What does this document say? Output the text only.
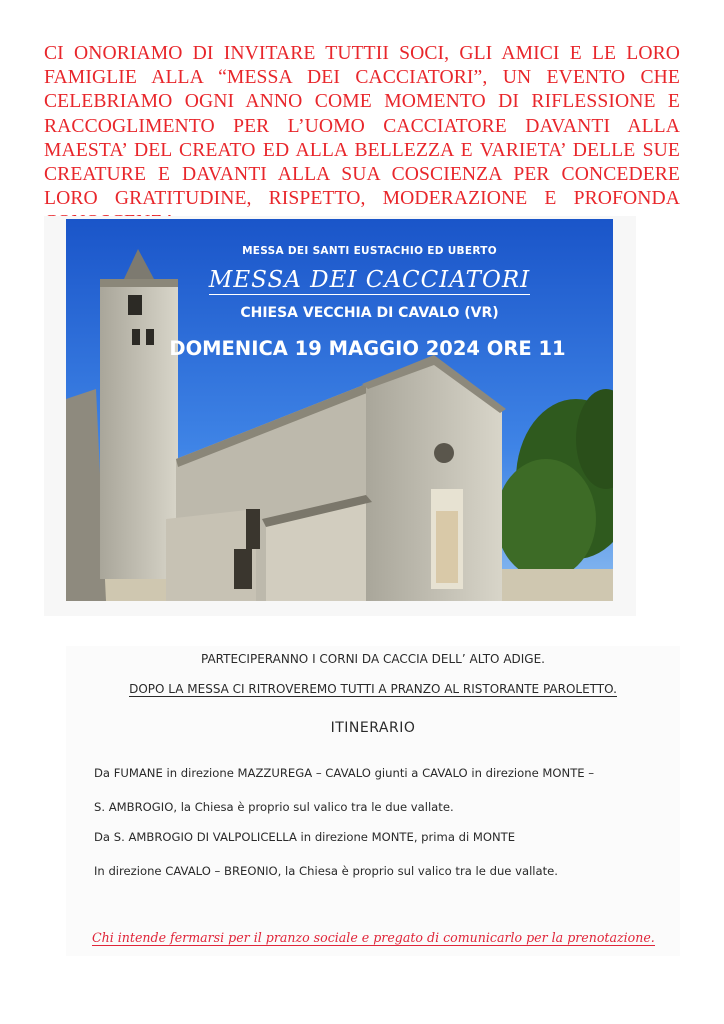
CI ONORIAMO DI INVITARE TUTTII SOCI, GLI AMICI E LE LORO FAMIGLIE ALLA “MESSA DEI CACCIATORI”, UN EVENTO CHE CELEBRIAMO OGNI ANNO COME MOMENTO DI RIFLESSIONE E RACCOGLIMENTO PER L’UOMO CACCIATORE DAVANTI ALLA MAESTA’ DEL CREATO ED ALLA BELLEZZA E VARIETA’ DELLE SUE CREATURE E DAVANTI ALLA SUA COSCIENZA PER CONCEDERE LORO GRATITUDINE, RISPETTO, MODERAZIONE E PROFONDA
MESSA DEI SANTI EUSTACHIO ED UBERTO
MESSA DEI CACCIATORI
CHIESA VECCHIA DI CAVALO (VR)
DOMENICA 19 MAGGIO 2024 ORE 11
PARTECIPERANNO I CORNI DA CACCIA DELL’ ALTO ADIGE.
DOPO LA MESSA CI RITROVEREMO TUTTI A PRANZO AL RISTORANTE PAROLETTO.
ITINERARIO
Da FUMANE in direzione MAZZUREGA – CAVALO giunti a CAVALO in direzione MONTE –
S. AMBROGIO, la Chiesa è proprio sul valico tra le due vallate.
Da S. AMBROGIO DI VALPOLICELLA in direzione MONTE, prima di MONTE
In direzione CAVALO – BREONIO, la Chiesa è proprio sul valico tra le due vallate.
Chi intende fermarsi per il pranzo sociale e pregato di comunicarlo per la prenotazione.
